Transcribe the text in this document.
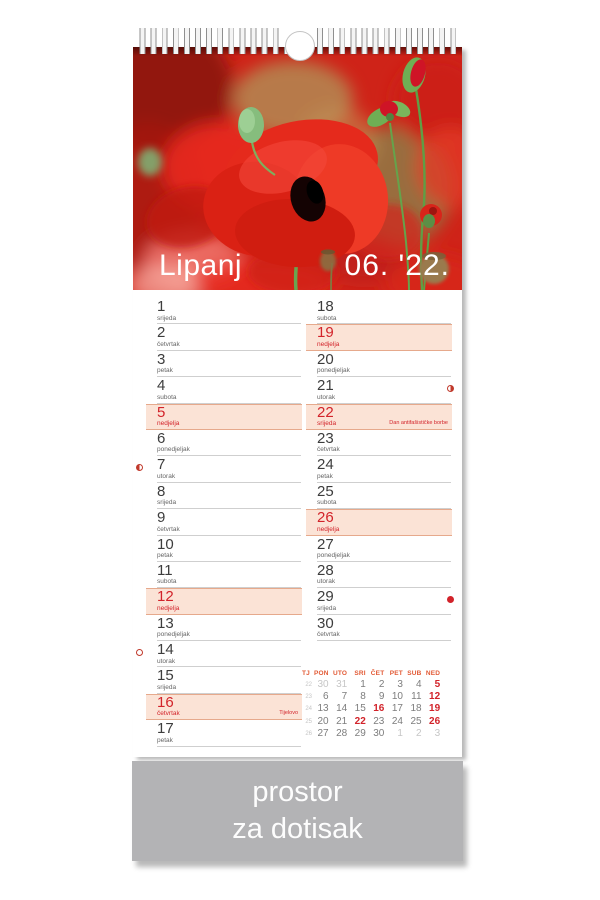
Lipanj	06. '22.
1
srijeda
2
četvrtak
3
petak
4
subota
5
nedjelja
6
ponedjeljak
7
utorak
8
srijeda
9
četvrtak
10
petak
11
subota
12
nedjelja
13
ponedjeljak
14
utorak
15
srijeda
16
četvrtak	Tijelovo
17
petak
18
subota
19
nedjelja
20
ponedjeljak
21
utorak
22
srijeda	Dan antifašističke borbe
23
četvrtak
24
petak
25
subota
26
nedjelja
27
ponedjeljak
28
utorak
29
srijeda
30
četvrtak
TJ PON UTO	SRI ČET PET SUB NED
22 30 31	1	2	3	4	5
23	6	7	8	9 10 11 12
24 13 14 15 16 17 18 19
25 20 21 22 23 24 25 26
26 27 28 29 30	1	2	3
prostor
za dotisak
